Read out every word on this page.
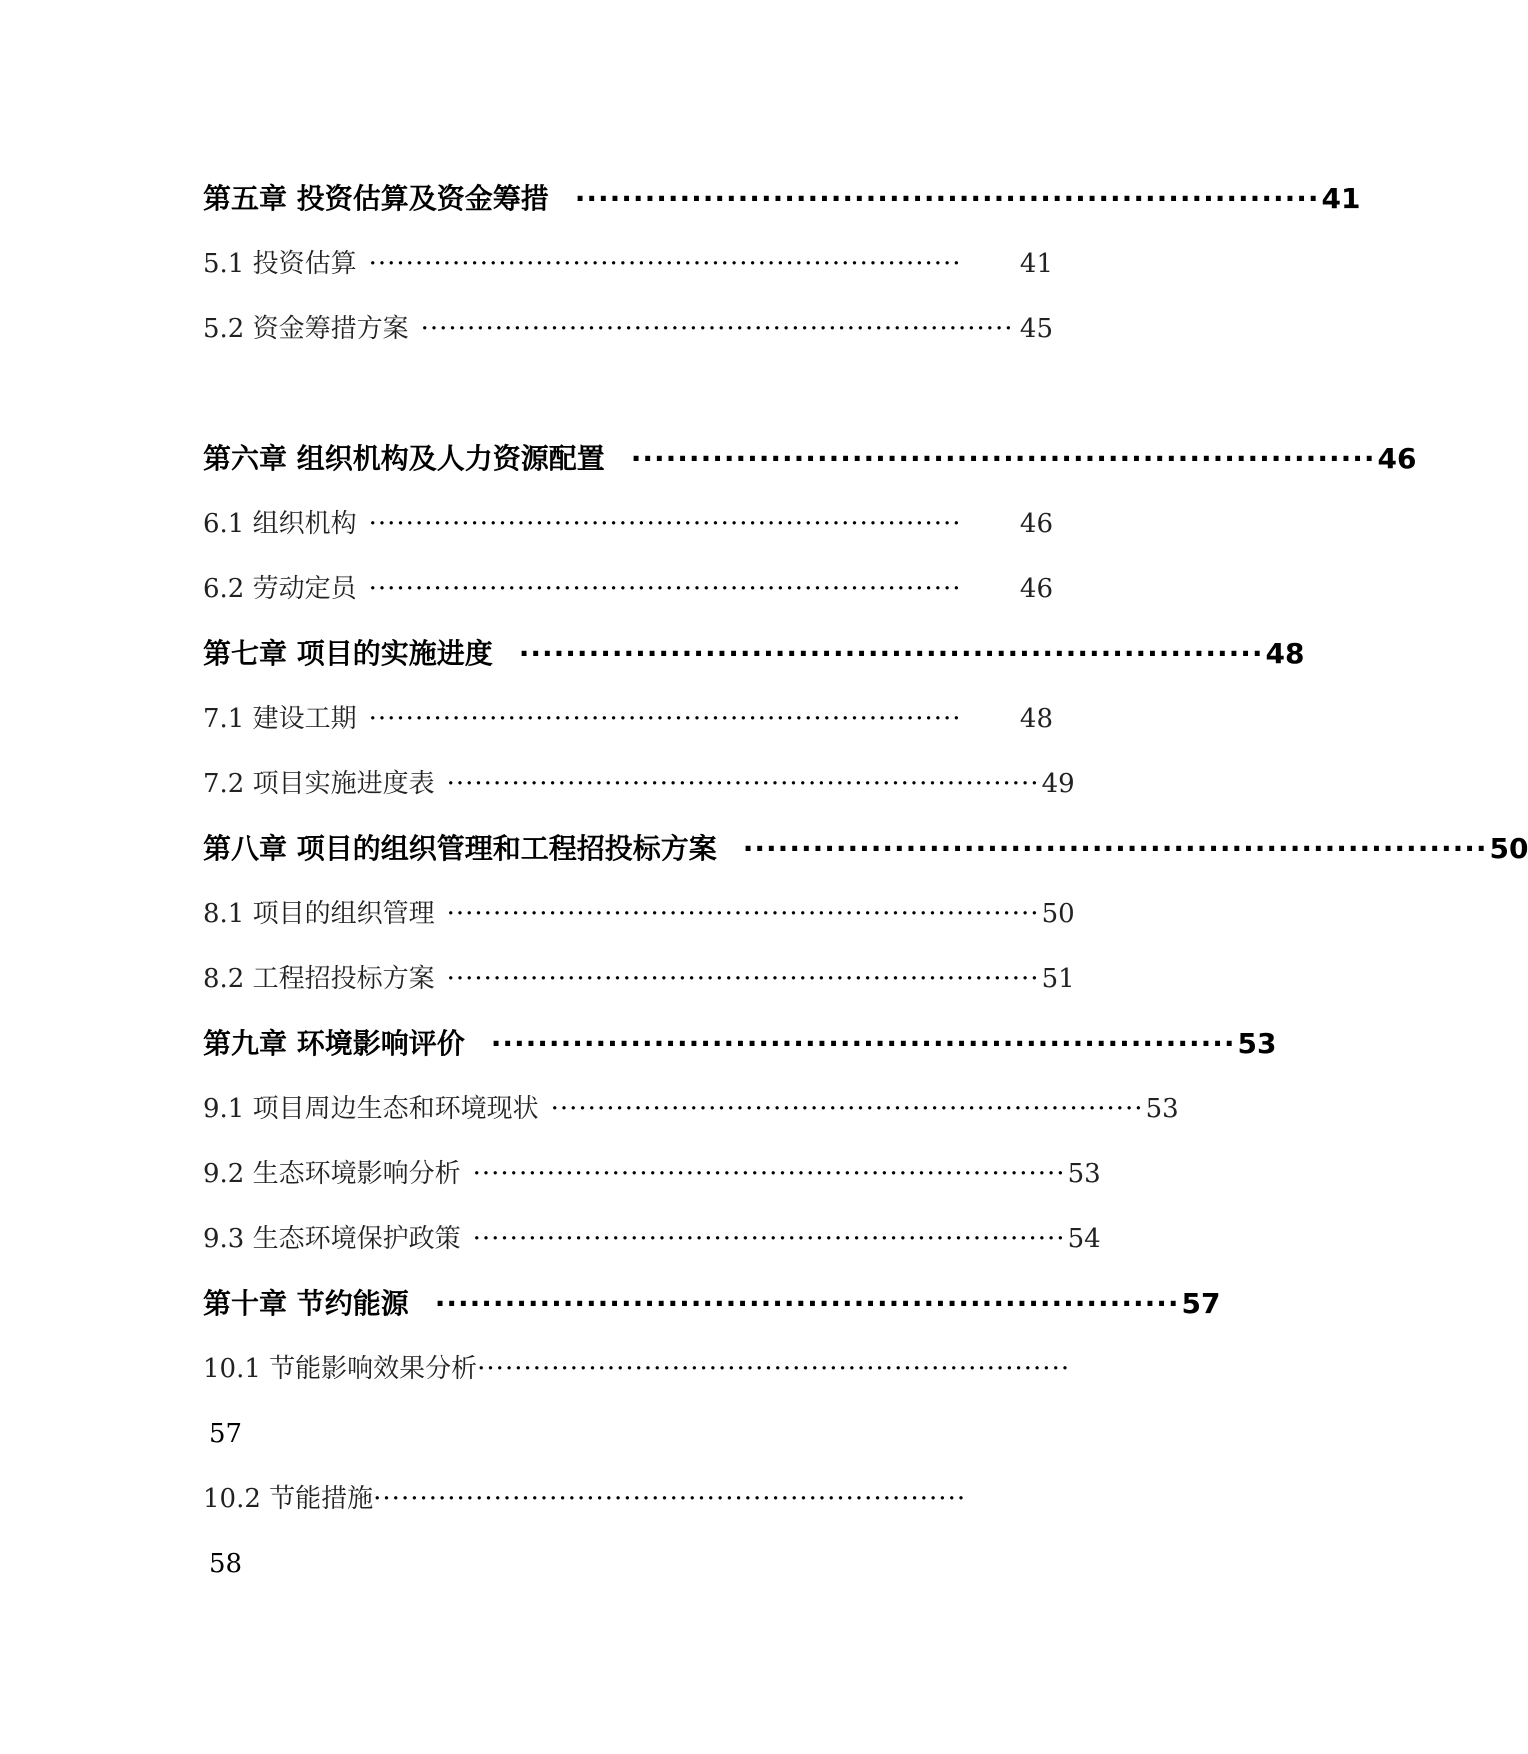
第五章 投资估算及资金筹措 ································································ 41
5.1 投资估算 ································································	41
5.2 资金筹措方案 ································································ 45
第六章 组织机构及人力资源配置 ································································ 46
6.1 组织机构 ································································	46
6.2 劳动定员 ································································	46
第七章 项目的实施进度 ································································ 48
7.1 建设工期 ································································	48
7.2 项目实施进度表 ································································ 49
第八章 项目的组织管理和工程招投标方案 ································································ 50
8.1 项目的组织管理 ································································ 50
8.2 工程招投标方案 ································································ 51
第九章 环境影响评价 ································································ 53
9.1 项目周边生态和环境现状 ································································ 53
9.2 生态环境影响分析 ································································ 53
9.3 生态环境保护政策 ································································ 54
第十章 节约能源 ································································ 57
10.1 节能影响效果分析 ································································
57
10.2 节能措施 ································································
58
